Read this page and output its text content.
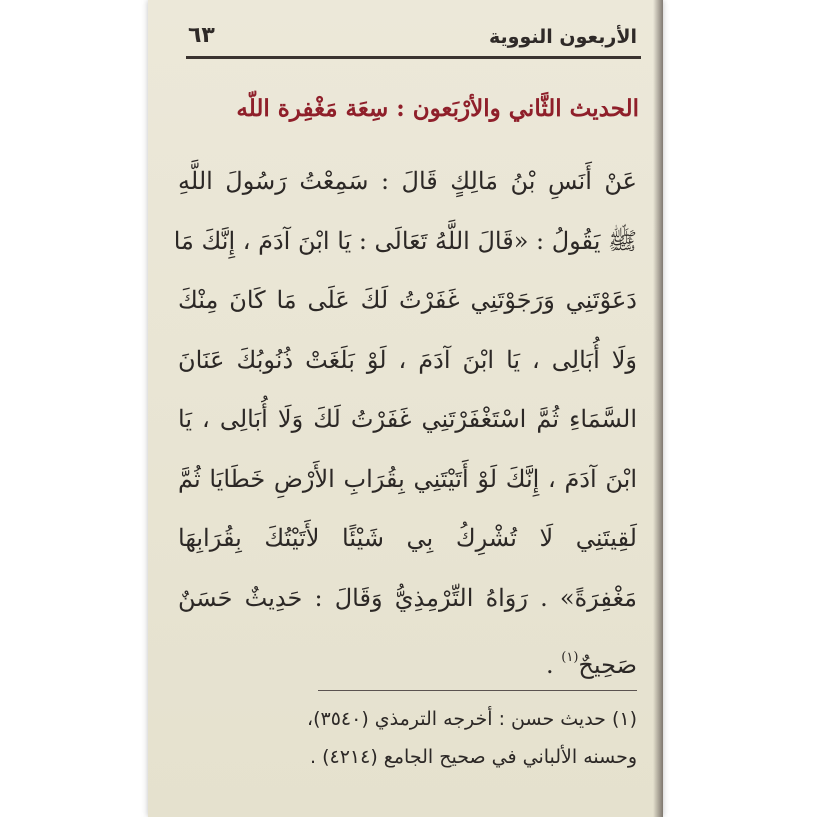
الأربعون النووية
٦٣
الحديث الثَّاني والأرْبَعون : سِعَة مَغْفِرة اللّه
عَنْ أَنَسِ بْنُ مَالِكٍ قَالَ : سَمِعْتُ رَسُولَ اللَّهِ
ﷺ يَقُولُ : «قَالَ اللَّهُ تَعَالَى : يَا ابْنَ آدَمَ ، إِنَّكَ مَا
دَعَوْتَنِي وَرَجَوْتَنِي غَفَرْتُ لَكَ عَلَى مَا كَانَ مِنْكَ
وَلَا أُبَالِى ، يَا ابْنَ آدَمَ ، لَوْ بَلَغَتْ ذُنُوبُكَ عَنَانَ
السَّمَاءِ ثُمَّ اسْتَغْفَرْتَنِي غَفَرْتُ لَكَ وَلَا أُبَالِى ، يَا
ابْنَ آدَمَ ، إِنَّكَ لَوْ أَتَيْتَنِي بِقُرَابِ الأَرْضِ خَطَايَا ثُمَّ
لَقِيتَنِي لَا تُشْرِكُ بِي شَيْئًا لأَتَيْتُكَ بِقُرَابِهَا
مَغْفِرَةً» . رَوَاهُ التِّرْمِذِيُّ وَقَالَ : حَدِيثٌ حَسَنٌ
صَحِيحٌ$^{(١)}$ .
(١) حديث حسن : أخرجه الترمذي (٣٥٤٠)،
وحسنه الألباني في صحيح الجامع (٤٢١٤) .
